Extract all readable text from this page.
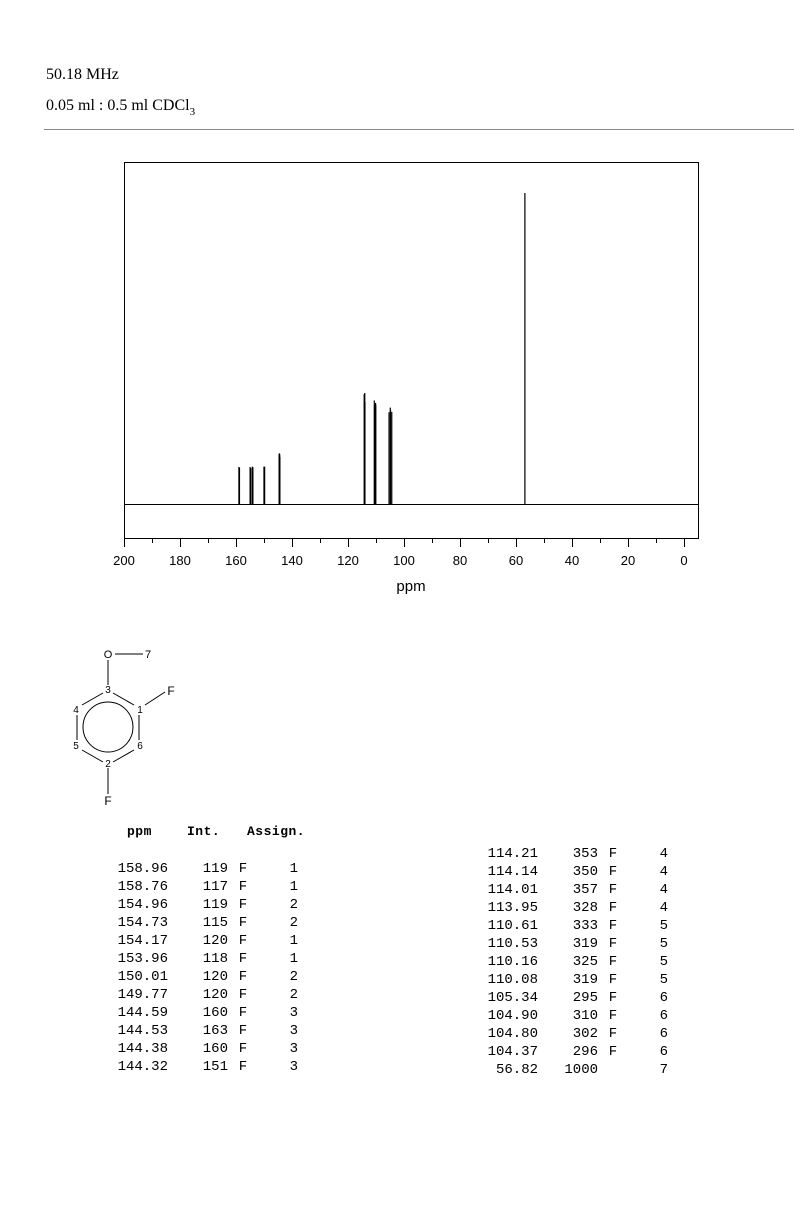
50.18 MHz
0.05 ml : 0.5 ml CDCl$_3$
200	180	160	140	120	100	80	60	40	20	0
ppm
O	7
3	F
4	1
5	6
2
F
ppm	Int. Assign.
158.96 119 F	1
158.76 117 F	1
154.96 119 F	2
154.73 115 F	2
154.17 120 F	1
153.96 118 F	1
150.01 120 F	2
149.77 120 F	2
144.59 160 F	3
144.53 163 F	3
144.38 160 F	3
144.32 151 F	3
114.21 353 F	4
114.14 350 F	4
114.01 357 F	4
113.95 328 F	4
110.61 333 F	5
110.53 319 F	5
110.16 325 F	5
110.08 319 F	5
105.34 295 F	6
104.90 310 F	6
104.80 302 F	6
104.37 296 F	6
56.82 1000	7
